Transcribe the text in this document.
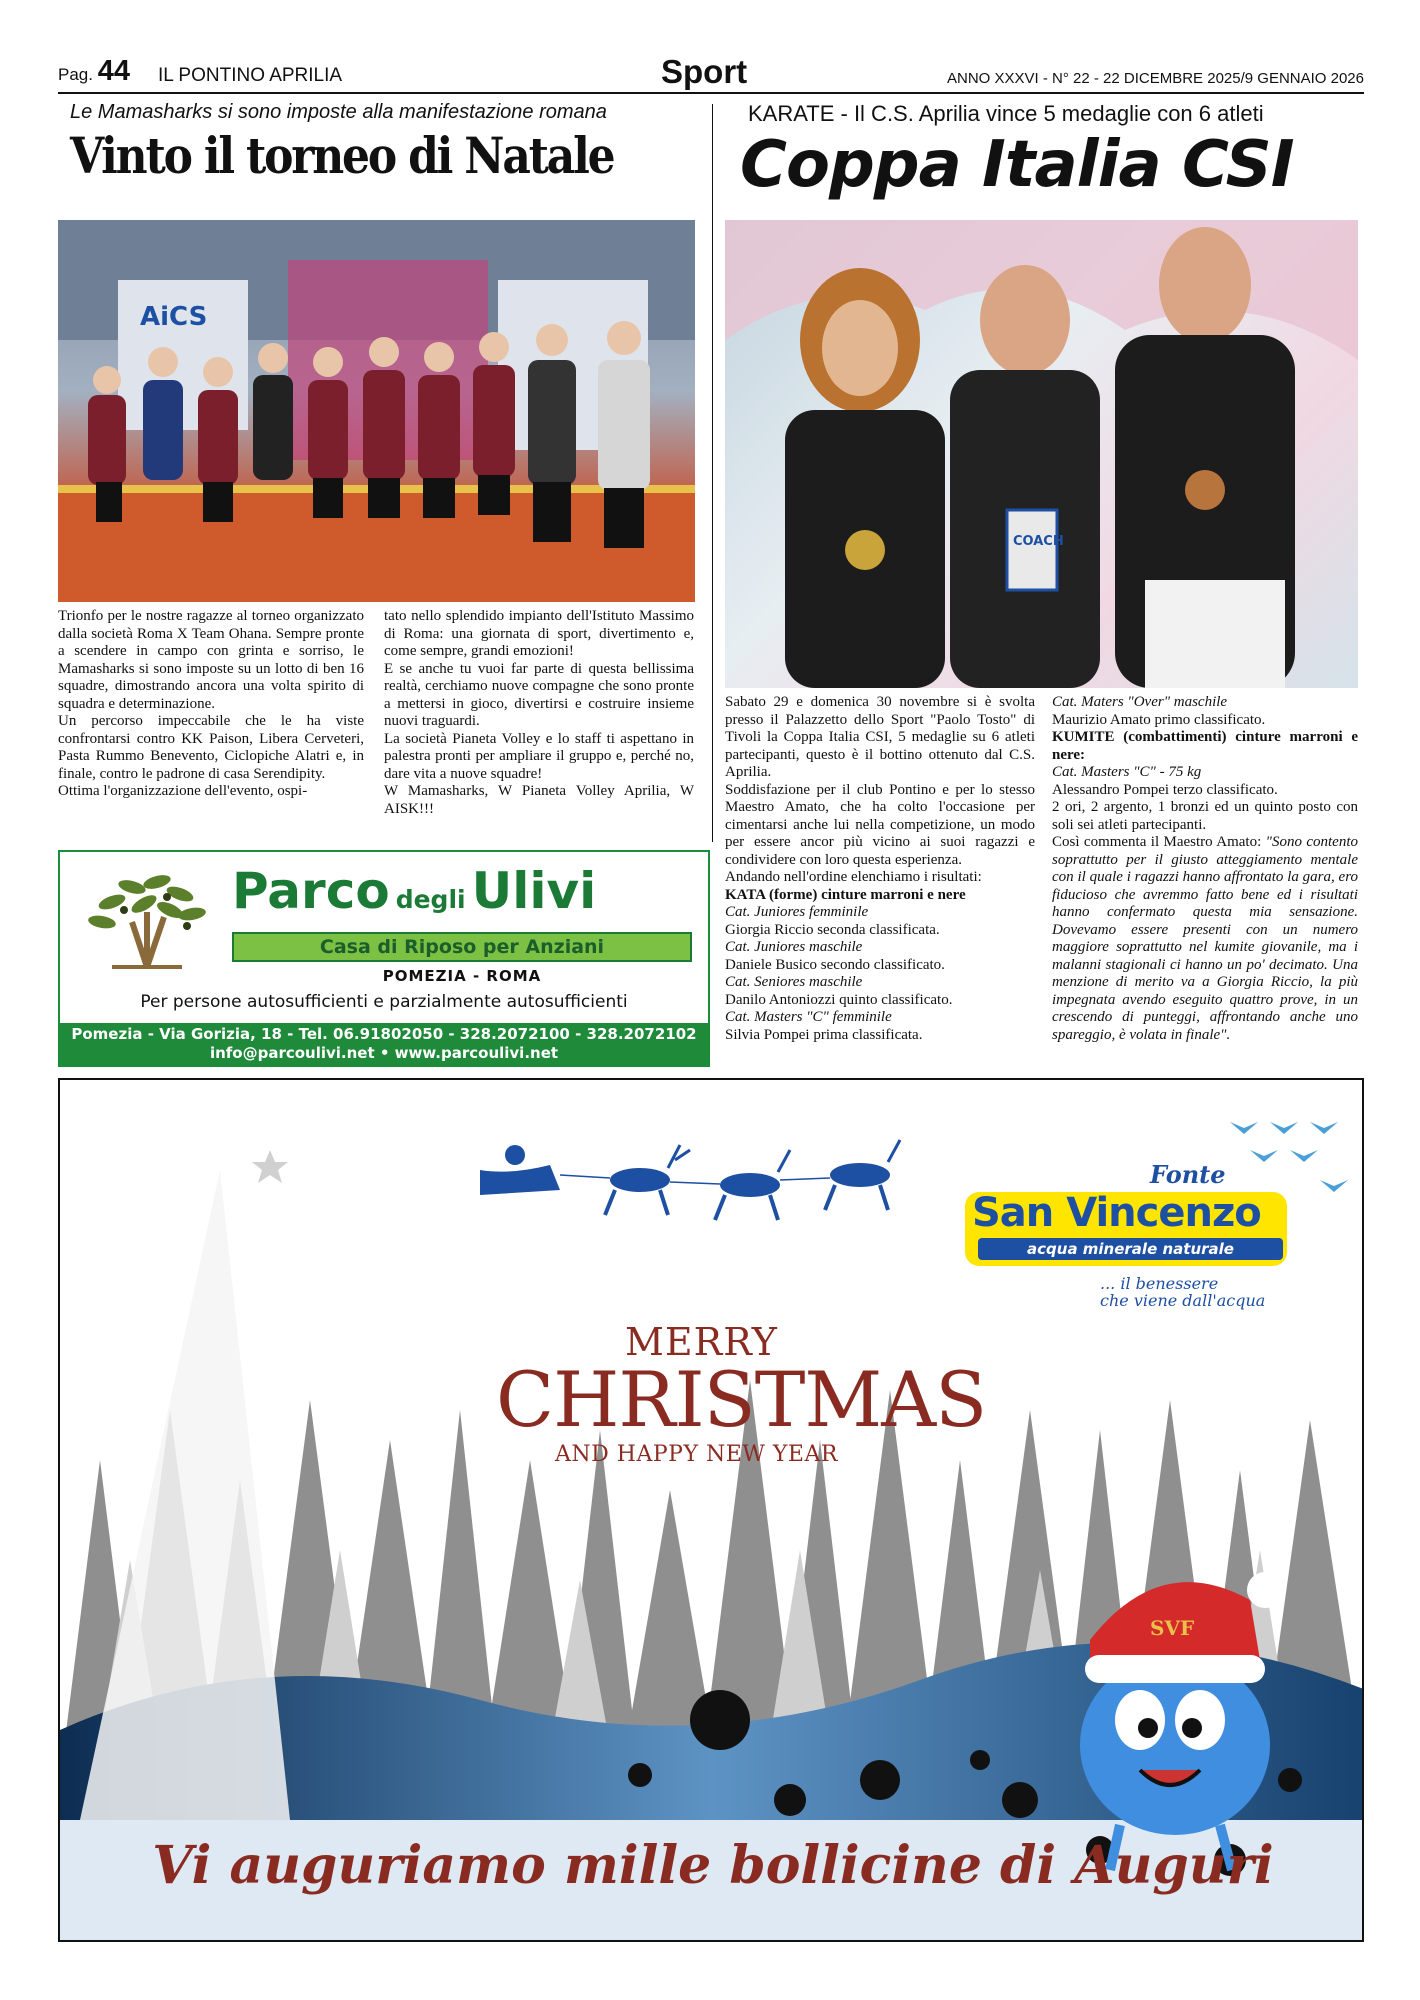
Pag. 44 IL PONTINO APRILIA	Sport	ANNO XXXVI - N° 22 - 22 DICEMBRE 2025/9 GENNAIO 2026
Le Mamasharks si sono imposte alla manifestazione romana
Vinto il torneo di Natale
AiCS

Trionfo per le nostre ragazze al torneo organizzato dalla società Roma X Team Ohana. Sempre pronte a scendere in campo con grinta e sorriso, le Mamasharks si sono imposte su un lotto di ben 16 squadre, dimostrando ancora una volta spirito di squadra e determinazione.

Un percorso impeccabile che le ha viste confrontarsi contro KK Paison, Libera Cerveteri, Pasta Rummo Benevento, Ciclopiche Alatri e, in finale, contro le padrone di casa Serendipity.

Ottima l'organizzazione dell'evento, ospi-

tato nello splendido impianto dell'Istituto Massimo di Roma: una giornata di sport, divertimento e, come sempre, grandi emozioni!

E se anche tu vuoi far parte di questa bellissima realtà, cerchiamo nuove compagne che sono pronte a mettersi in gioco, divertirsi e costruire insieme nuovi traguardi.

La società Pianeta Volley e lo staff ti aspettano in palestra pronti per ampliare il gruppo e, perché no, dare vita a nuove squadre!

W Mamasharks, W Pianeta Volley Aprilia, W AISK!!!

KARATE - Il C.S. Aprilia vince 5 medaglie con 6 atleti
Coppa Italia CSI
COACH

Sabato 29 e domenica 30 novembre si è svolta presso il Palazzetto dello Sport "Paolo Tosto" di Tivoli la Coppa Italia CSI, 5 medaglie su 6 atleti partecipanti, questo è il bottino ottenuto dal C.S. Aprilia.

Soddisfazione per il club Pontino e per lo stesso Maestro Amato, che ha colto l'occasione per cimentarsi anche lui nella competizione, un modo per essere ancor più vicino ai suoi ragazzi e condividere con loro questa esperienza.

Andando nell'ordine elenchiamo i risultati:

KATA (forme) cinture marroni e nere

Cat. Juniores femminile

Giorgia Riccio seconda classificata.

Cat. Juniores maschile

Daniele Busico secondo classificato.

Cat. Seniores maschile

Danilo Antoniozzi quinto classificato.

Cat. Masters "C" femminile

Silvia Pompei prima classificata.

Cat. Maters "Over" maschile

Maurizio Amato primo classificato.

KUMITE (combattimenti) cinture marroni e nere:

Cat. Masters "C" - 75 kg

Alessandro Pompei terzo classificato.

2 ori, 2 argento, 1 bronzi ed un quinto posto con soli sei atleti partecipanti.

Così commenta il Maestro Amato: "Sono contento soprattutto per il giusto atteggiamento mentale con il quale i ragazzi hanno affrontato la gara, ero fiducioso che avremmo fatto bene ed i risultati hanno confermato questa mia sensazione. Dovevamo essere presenti con un numero maggiore soprattutto nel kumite giovanile, ma i malanni stagionali ci hanno un po' decimato. Una menzione di merito va a Giorgia Riccio, la più impegnata avendo eseguito quattro prove, in un crescendo di punteggi, affrontando anche uno spareggio, è volata in finale".

Parco degli Ulivi
Casa di Riposo per Anziani
POMEZIA - ROMA
Per persone autosufficienti e parzialmente autosufficienti
Pomezia - Via Gorizia, 18 - Tel. 06.91802050 - 328.2072100 - 328.2072102
info@parcoulivi.net • www.parcoulivi.net
SVF
MERRY
CHRISTMAS
AND HAPPY NEW YEAR
Fonte
San Vincenzo
acqua minerale naturale
... il benessere
che viene dall'acqua
Vi auguriamo mille bollicine di Auguri
